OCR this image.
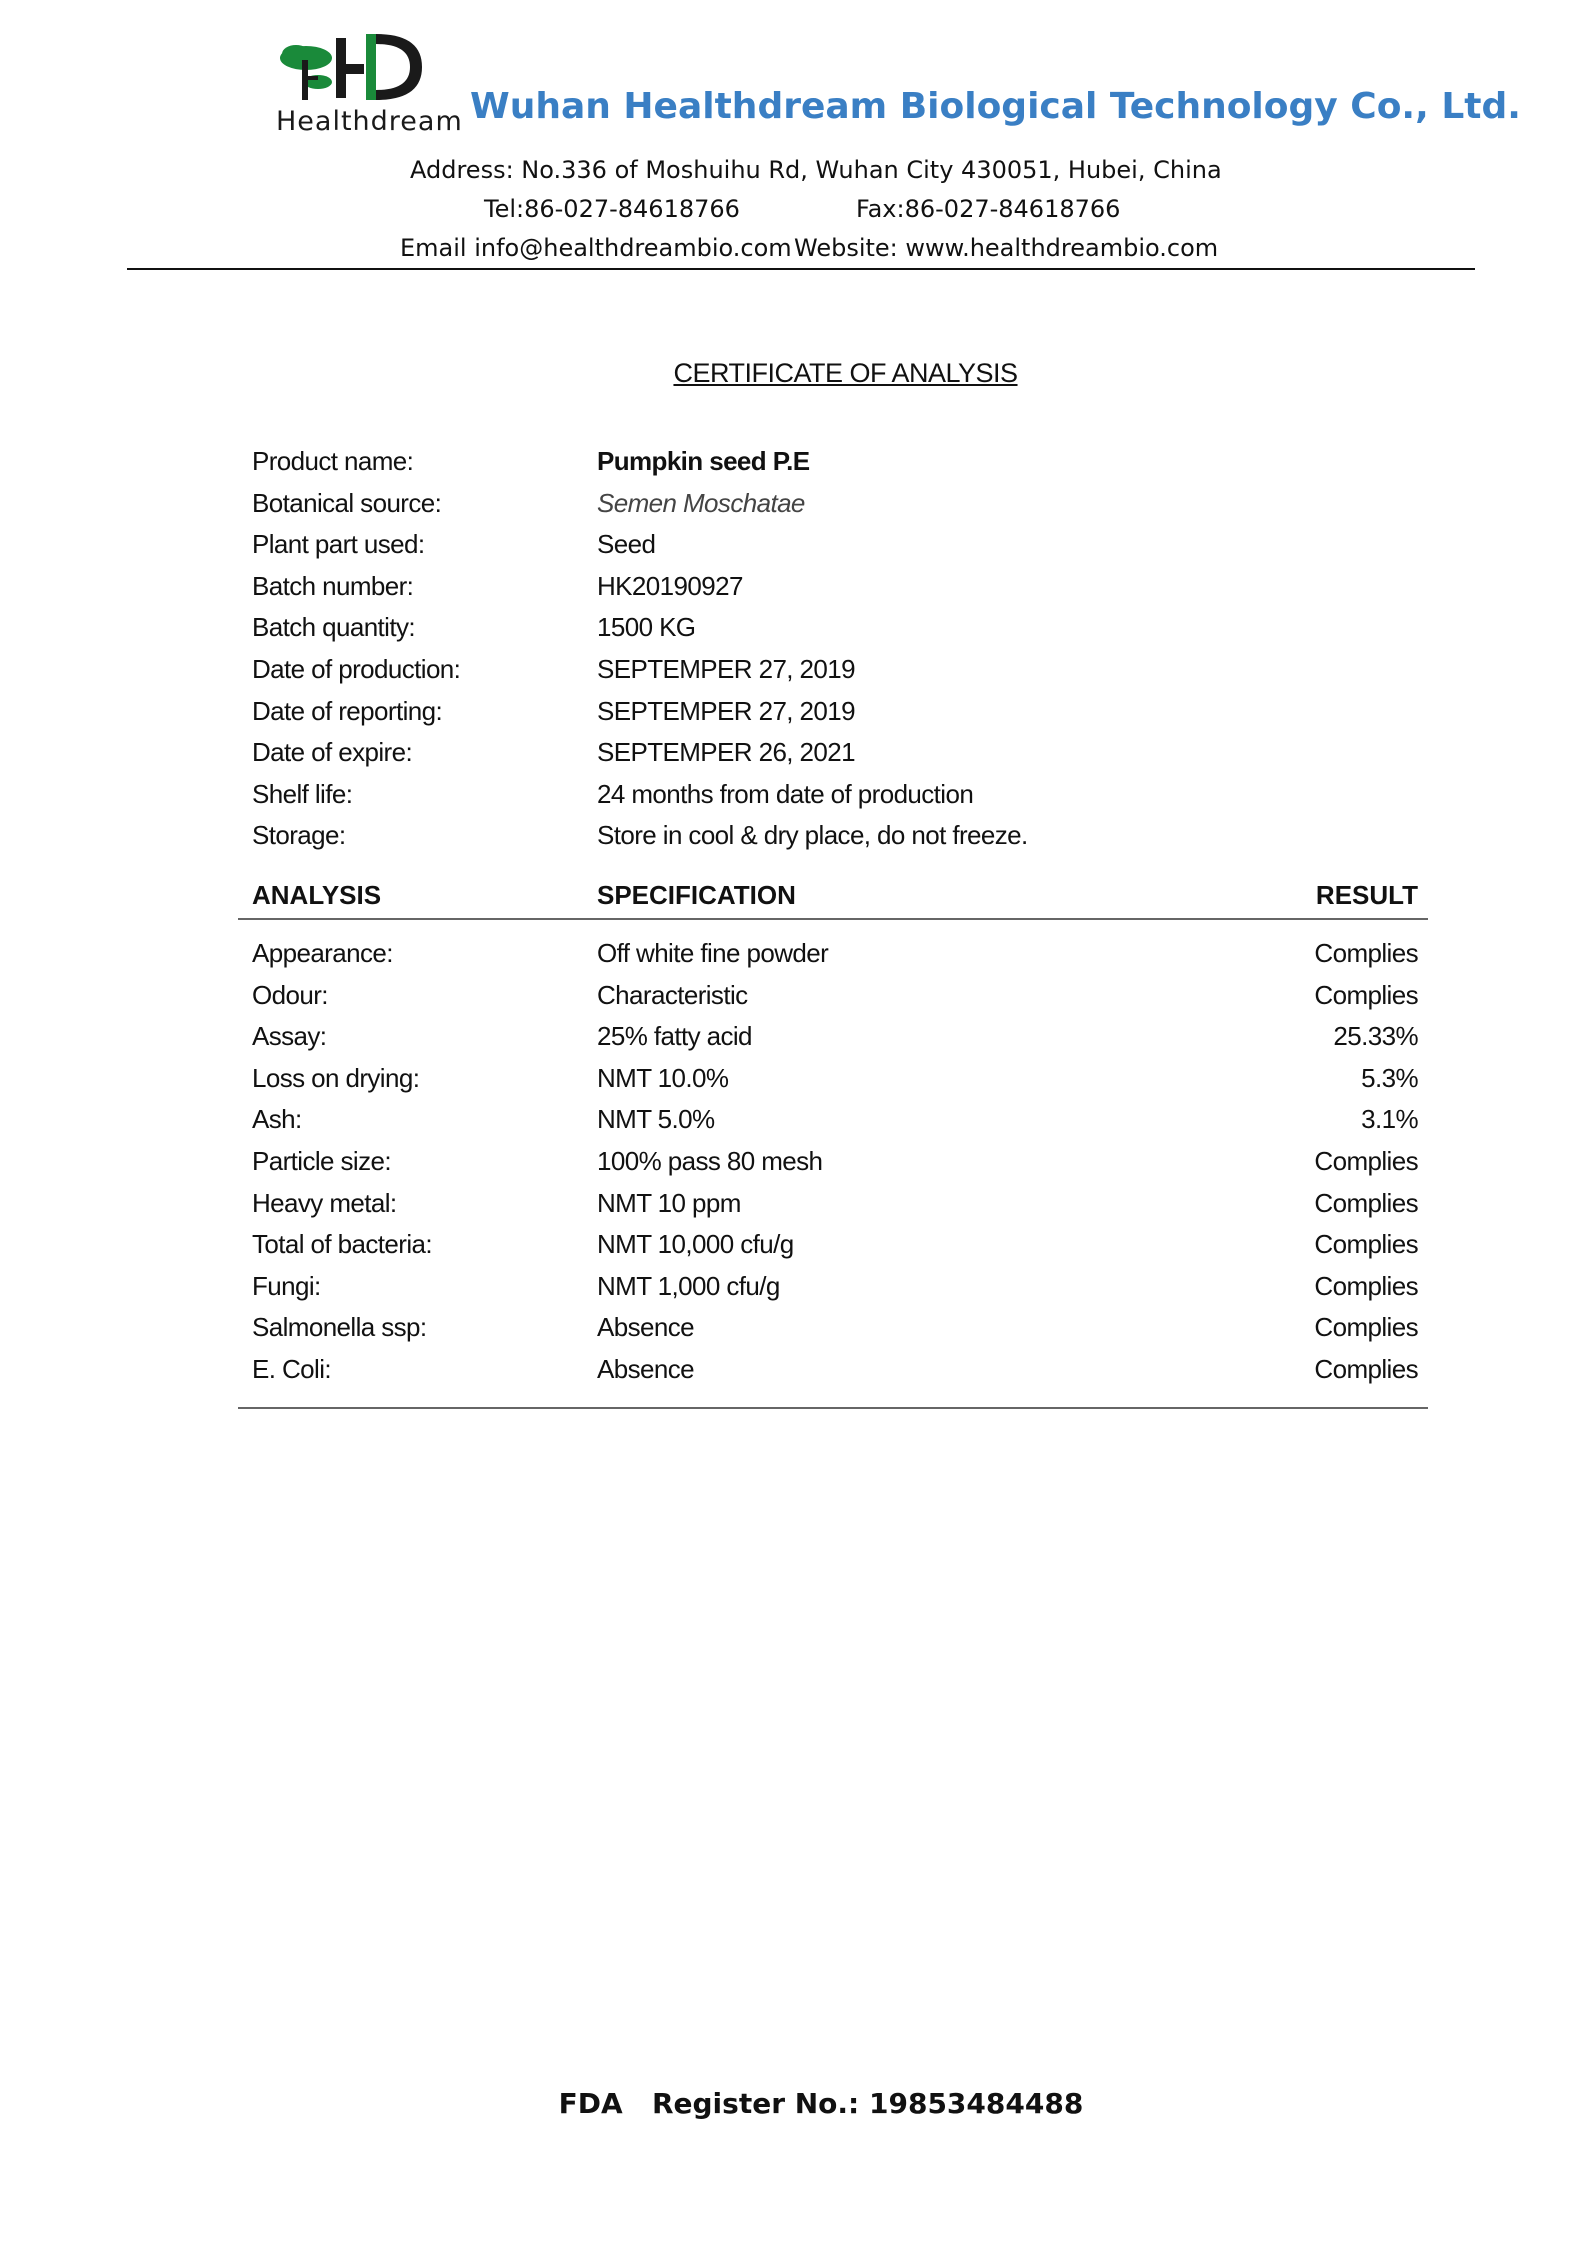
Healthdream Wuhan Healthdream Biological Technology Co., Ltd.
Address: No.336 of Moshuihu Rd, Wuhan City 430051, Hubei, China
Tel:86-027-84618766	Fax:86-027-84618766
Email info@healthdreambio.com Website: www.healthdreambio.com
CERTIFICATE OF ANALYSIS
Product name:	Pumpkin seed P.E
Botanical source:	Semen Moschatae
Plant part used:	Seed
Batch number:	HK20190927
Batch quantity:	1500 KG
Date of production:	SEPTEMPER 27, 2019
Date of reporting:	SEPTEMPER 27, 2019
Date of expire:	SEPTEMPER 26, 2021
Shelf life:	24 months from date of production
Storage:	Store in cool & dry place, do not freeze.
ANALYSIS	SPECIFICATION	RESULT
Appearance:	Off white fine powder	Complies
Odour:	Characteristic	Complies
Assay:	25% fatty acid	25.33%
Loss on drying:	NMT 10.0%	5.3%
Ash:	NMT 5.0%	3.1%
Particle size:	100% pass 80 mesh	Complies
Heavy metal:	NMT 10 ppm	Complies
Total of bacteria:	NMT 10,000 cfu/g	Complies
Fungi:	NMT 1,000 cfu/g	Complies
Salmonella ssp:	Absence	Complies
E. Coli:	Absence	Complies

FDA   Register No.: 19853484488
